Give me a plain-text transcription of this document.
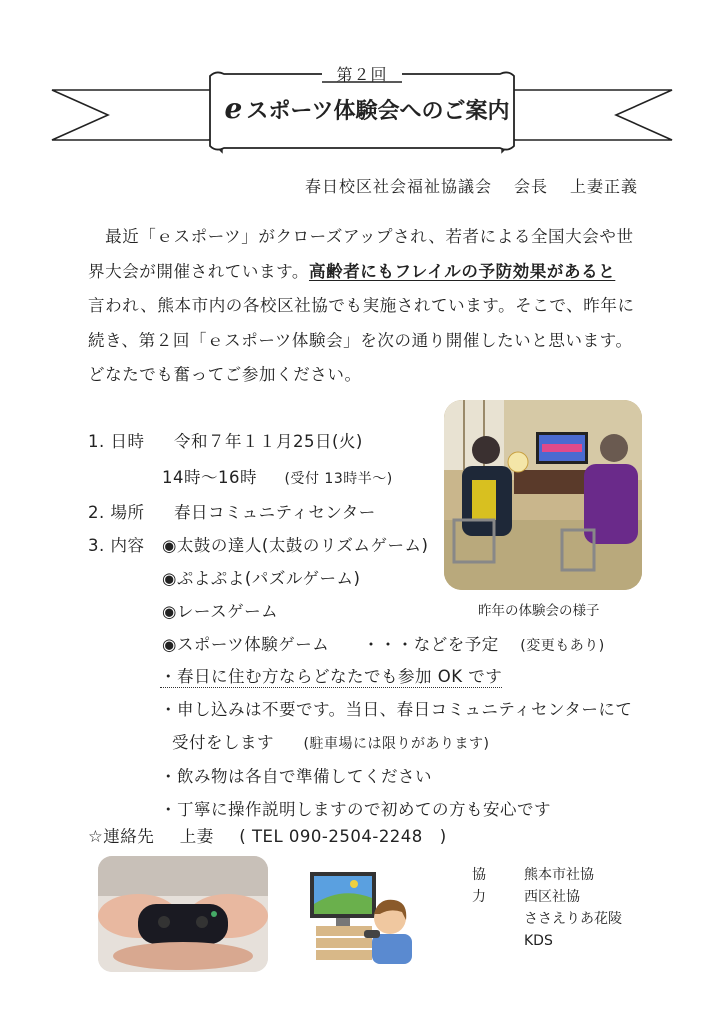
第２回
e スポーツ体験会へのご案内
春日校区社会福祉協議会 会長 上妻正義

　最近「ｅスポーツ」がクローズアップされ、若者による全国大会や世

界大会が開催されています。高齢者にもフレイルの予防効果があると

言われ、熊本市内の各校区社協でも実施されています。そこで、昨年に

続き、第２回「ｅスポーツ体験会」を次の通り開催したいと思います。

どなたでも奮ってご参加ください。

1. 日時 令和７年１１月25日(火)
14時～16時 (受付 13時半～)
2. 場所 春日コミュニティセンター
3. 内容 ◉太鼓の達人(太鼓のリズムゲーム)
◉ぷよぷよ(パズルゲーム)
◉レースゲーム
◉スポーツ体験ゲーム ・・・などを予定 (変更もあり)
昨年の体験会の様子
・春日に住む方ならどなたでも参加 OK です
・申し込みは不要です。当日、春日コミュニティセンターにて
受付をします (駐車場には限りがあります)
・飲み物は各自で準備してください
・丁寧に操作説明しますので初めての方も安心です
☆連絡先 上妻 ( TEL 090-2504-2248　)
協力
熊本市社協
西区社協
ささえりあ花陵
KDS
